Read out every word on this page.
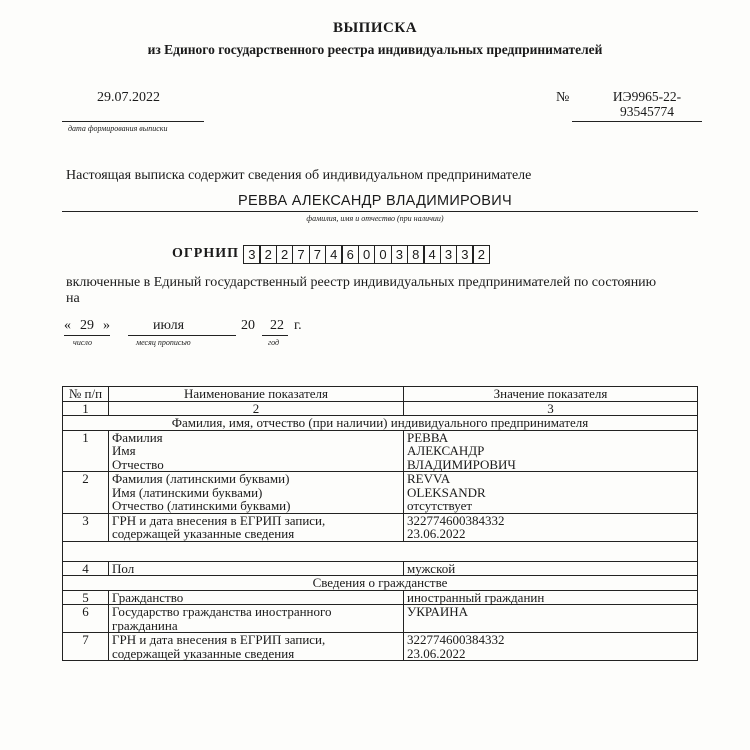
ВЫПИСКА
из Единого государственного реестра индивидуальных предпринимателей
29.07.2022
дата формирования выписки
№	ИЭ9965-22-
93545774
Настоящая выписка содержит сведения об индивидуальном предпринимателе
РЕВВА АЛЕКСАНДР ВЛАДИМИРОВИЧ
фамилия, имя и отчество (при наличии)
ОГРНИП 3 2 2 7 7 4 6 0 0 3 8 4 3 3 2
включенные в Единый государственный реестр индивидуальных предпринимателей по состоянию на
« 29 »
число
июля
месяц прописью
20 22 г.
год
№ п/п	Наименование показателя	Значение показателя
1	2	3
Фамилия, имя, отчество (при наличии) индивидуального предпринимателя		
1	Фамилия
Имя
Отчество	РЕВВА
АЛЕКСАНДР
ВЛАДИМИРОВИЧ

2	Фамилия (латинскими буквами)
Имя (латинскими буквами)
Отчество (латинскими буквами)	REVVA
OLEKSANDR
отсутствует

3	ГРН и дата внесения в ЕГРИП записи,
содержащей указанные сведения	322774600384332
23.06.2022

4	Пол	мужской
Сведения о гражданстве		
5	Гражданство	иностранный гражданин

6	Государство гражданства иностранного
гражданина	УКРАИНА

7	ГРН и дата внесения в ЕГРИП записи,
содержащей указанные сведения	322774600384332
23.06.2022
